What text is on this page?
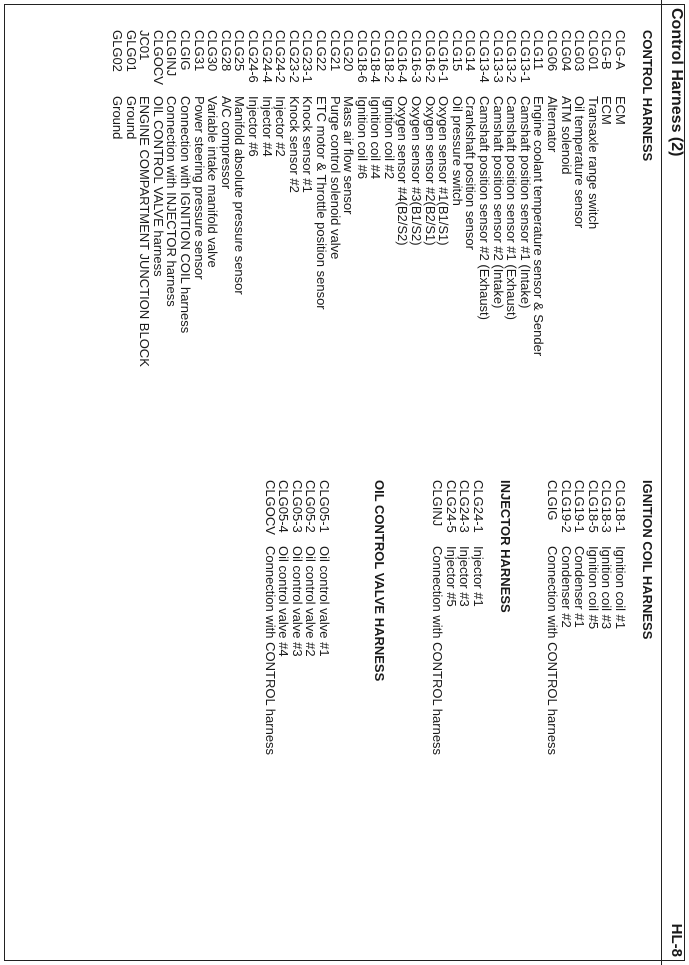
Control Harness (2)
HL-8
CONTROL HARNESS
CLG-A
ECM
CLG-B
ECM
CLG01
Transaxle range switch
CLG03
Oil temperature sensor
CLG04
ATM solenoid
CLG06
Alternator
CLG11
Engine coolant temperature sensor & Sender
CLG13-1
Camshaft position sensor #1 (Intake)
CLG13-2
Camshaft position sensor #1 (Exhaust)
CLG13-3
Camshaft position sensor #2 (Intake)
CLG13-4
Camshaft position sensor #2 (Exhaust)
CLG14
Crankshaft position sensor
CLG15
Oil pressure switch
CLG16-1
Oxygen sensor #1(B1/S1)
CLG16-2
Oxygen sensor #2(B2/S1)
CLG16-3
Oxygen sensor #3(B1/S2)
CLG16-4
Oxygen sensor #4(B2/S2)
CLG18-2
Ignition coil #2
CLG18-4
Ignition coil #4
CLG18-6
Ignition coil #6
CLG20
Mass air flow sensor
CLG21
Purge control solenoid valve
CLG22
ETC motor & Throttle position sensor
CLG23-1
Knock sensor #1
CLG23-2
Knock sensor #2
CLG24-2
Injector #2
CLG24-4
Injector #4
CLG24-6
Injector #6
CLG25
Manifold absolute pressure sensor
CLG28
A/C compressor
CLG30
Variable intake manifold valve
CLG31
Power steering pressure sensor
CLGIG
Connection with IGNITION COIL harness
CLGINJ
Connection with INJECTOR harness
CLGOCV
OIL CONTROL VALVE harness
JC01
ENGINE COMPARTMENT JUNCTION BLOCK
GLG01
Ground
GLG02
Ground
IGNITION COIL HARNESS
CLG18-1
Ignition coil #1
CLG18-3
Ignition coil #3
CLG18-5
Ignition coil #5
CLG19-1
Condenser #1
CLG19-2
Condenser #2
CLGIG
Connection with CONTROL harness
INJECTOR HARNESS
CLG24-1
Injector #1
CLG24-3
Injector #3
CLG24-5
Injector #5
CLGINJ
Connection with CONTROL harness
OIL CONTROL VALVE HARNESS
CLG05-1
Oil control valve #1
CLG05-2
Oil control valve #2
CLG05-3
Oil control valve #3
CLG05-4
Oil control valve #4
CLGOCV
Connection with CONTROL harness
